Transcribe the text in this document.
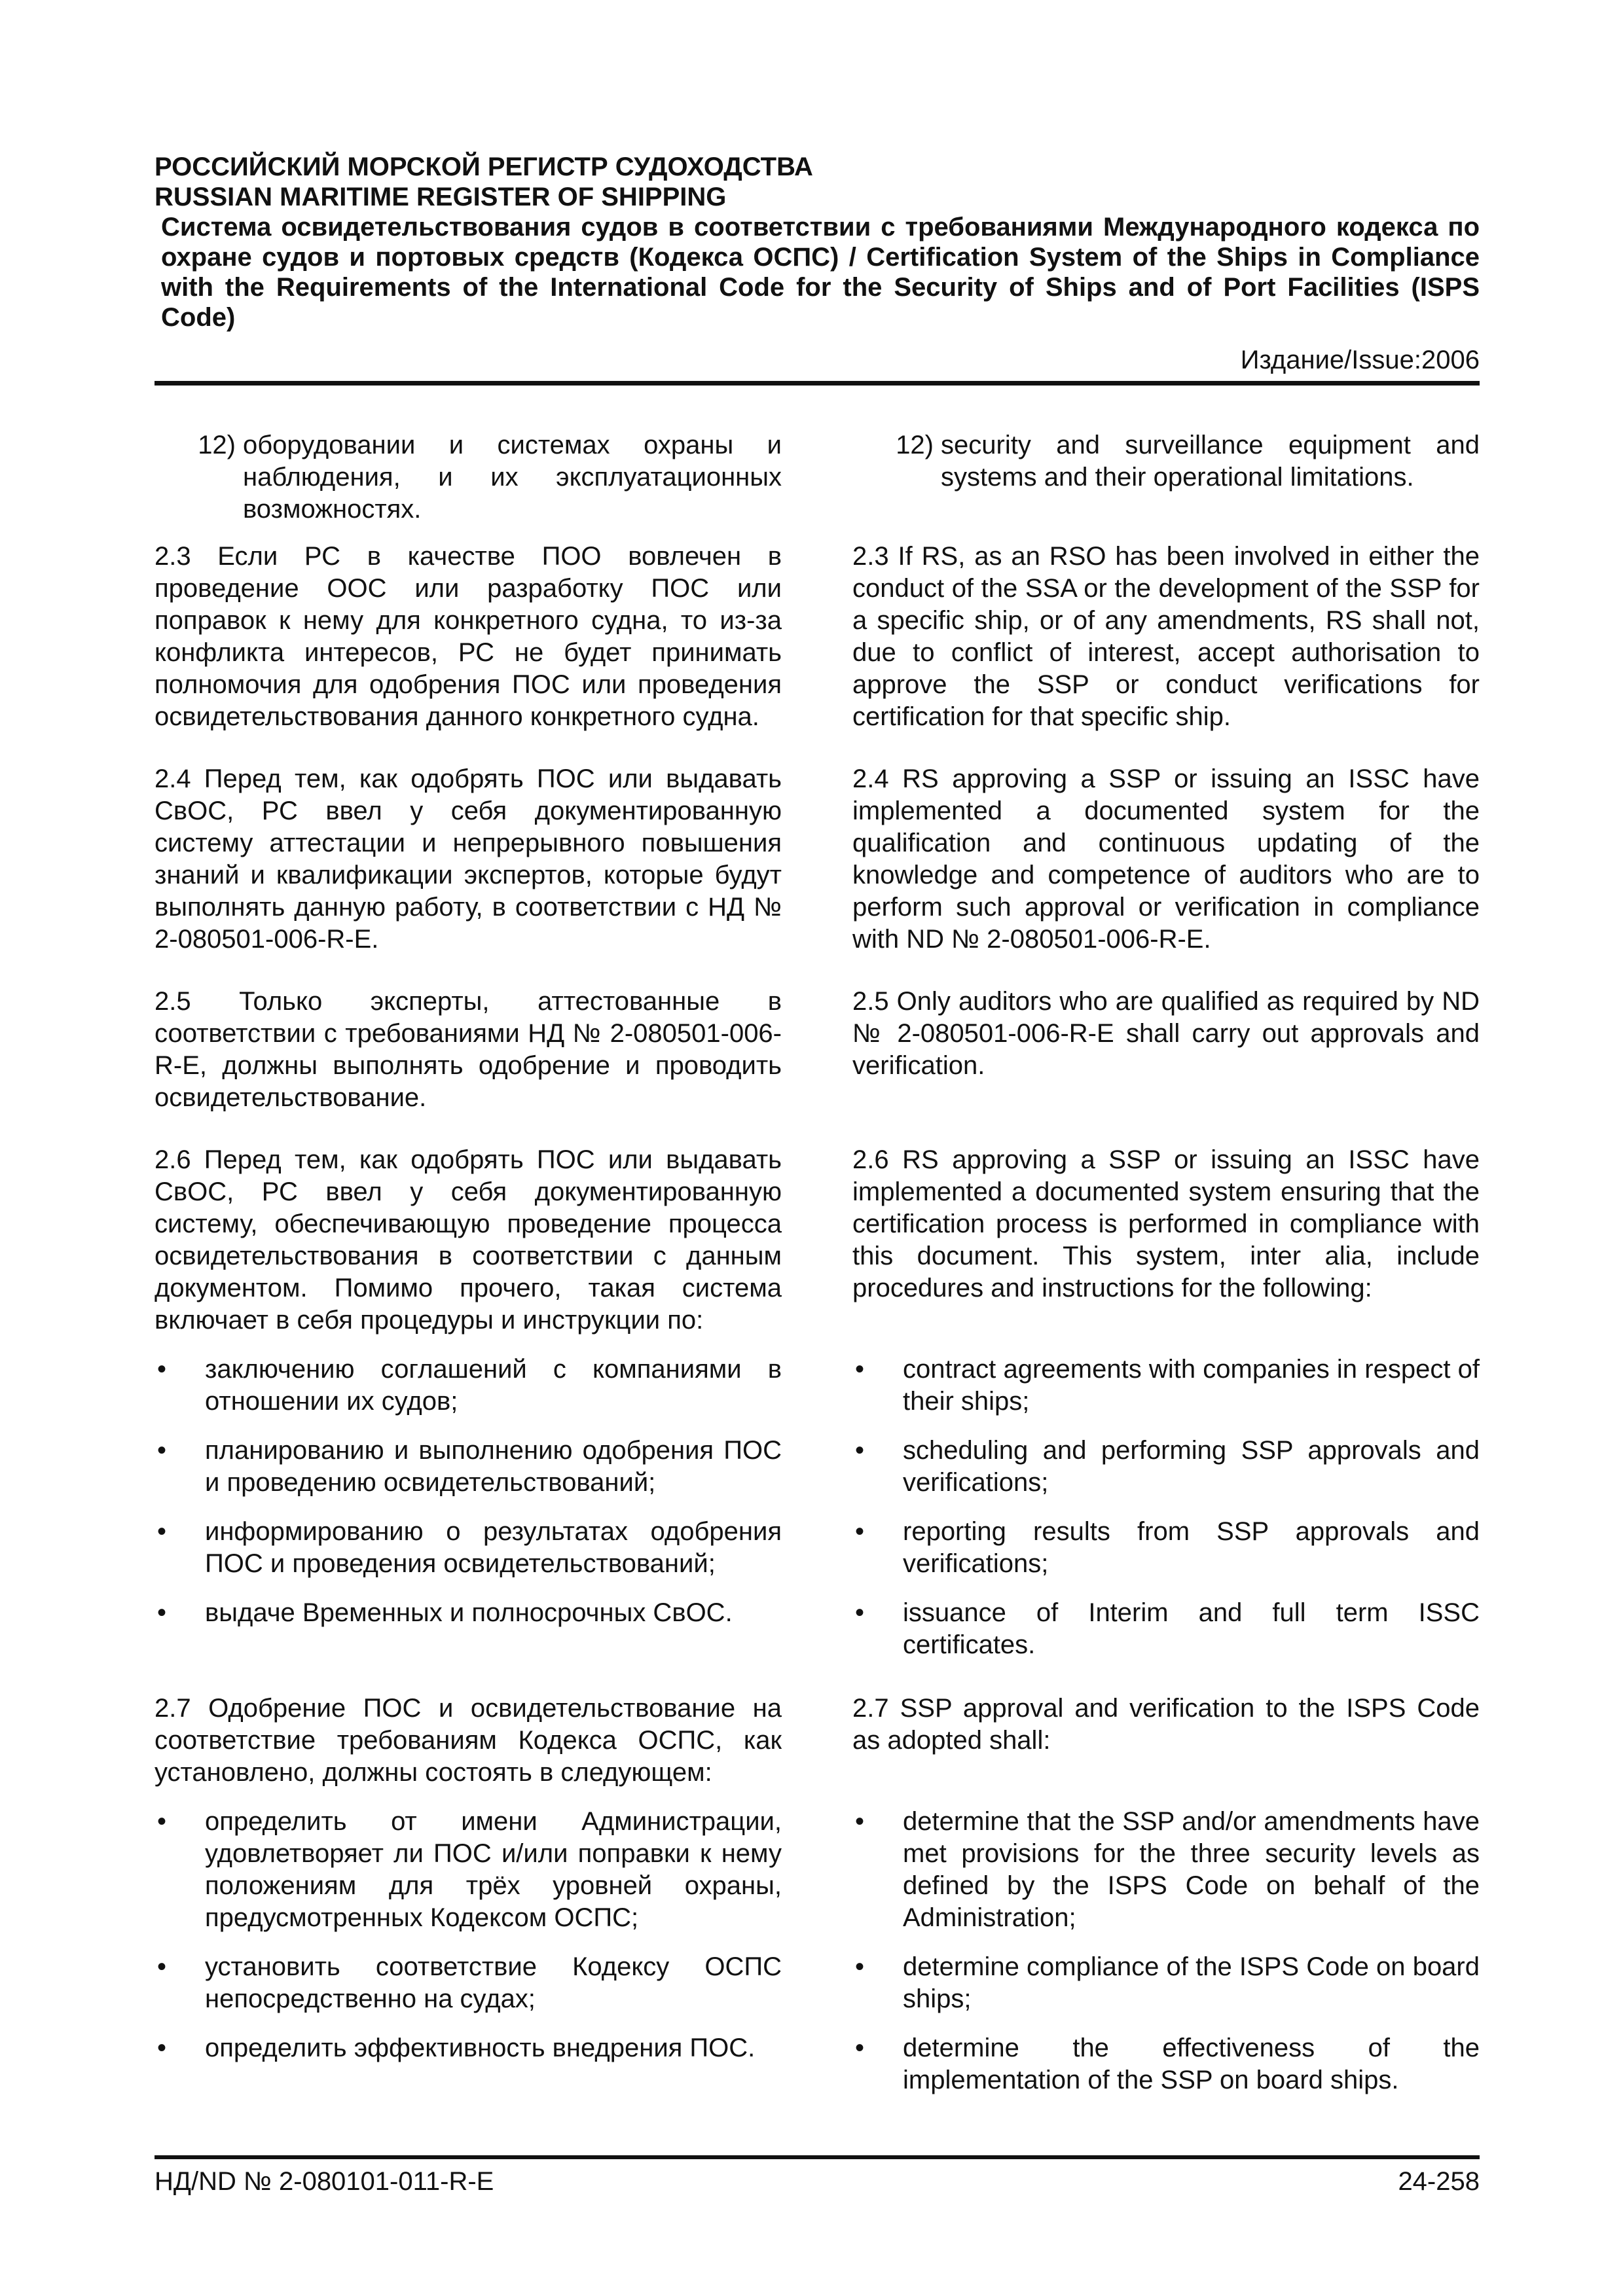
РОССИЙСКИЙ МОРСКОЙ РЕГИСТР СУДОХОДСТВА
RUSSIAN MARITIME REGISTER OF SHIPPING
Система освидетельствования судов в соответствии с требованиями Международного кодекса по охране судов и портовых средств (Кодекса ОСПС) / Certification System of the Ships in Compliance with the Requirements of the International Code for the Security of Ships and of Port Facilities (ISPS Code)
Издание/Issue:2006
12) оборудовании и системах охраны и наблюдения, и их эксплуатационных возможностях.
12) security and surveillance equipment and systems and their operational limitations.

2.3 Если РС в качестве ПОО вовлечен в проведение ООС или разработку ПОС или поправок к нему для конкретного судна, то из-за конфликта интересов, РС не будет принимать полномочия для одобрения ПОС или проведения освидетельствования данного конкретного судна.

2.3 If RS, as an RSO has been involved in either the conduct of the SSA or the development of the SSP for a specific ship, or of any amendments, RS shall not, due to conflict of interest, accept authorisation to approve the SSP or conduct verifications for certification for that specific ship.

2.4 Перед тем, как одобрять ПОС или выдавать СвОС, РС ввел у себя документированную систему аттестации и непрерывного повышения знаний и квалификации экспертов, которые будут выполнять данную работу, в соответствии с НД № 2-080501-006-R-E.

2.4 RS approving a SSP or issuing an ISSC have implemented a documented system for the qualification and continuous updating of the knowledge and competence of auditors who are to perform such approval or verification in compliance with ND № 2-080501-006-R-E.

2.5 Только эксперты, аттестованные в соответствии с требованиями НД № 2-080501-006-R-E, должны выполнять одобрение и проводить освидетельствование.

2.5 Only auditors who are qualified as required by ND № 2-080501-006-R-E shall carry out approvals and verification.

2.6 Перед тем, как одобрять ПОС или выдавать СвОС, РС ввел у себя документированную систему, обеспечивающую проведение процесса освидетельствования в соответствии с данным документом. Помимо прочего, такая система включает в себя процедуры и инструкции по:

2.6 RS approving a SSP or issuing an ISSC have implemented a documented system ensuring that the certification process is performed in compliance with this document. This system, inter alia, include procedures and instructions for the following:

•	заключению соглашений с компаниями в отношении их судов;
•	contract agreements with companies in respect of their ships;
•	планированию и выполнению одобрения ПОС и проведению освидетельствований;
•	scheduling and performing SSP approvals and verifications;
•	информированию о результатах одобрения ПОС и проведения освидетельствований;
•	reporting results from SSP approvals and verifications;
•	выдаче Временных и полносрочных СвОС.	•	issuance of Interim and full term ISSC certificates.

2.7 Одобрение ПОС и освидетельствование на соответствие требованиям Кодекса ОСПС, как установлено, должны состоять в следующем:

2.7 SSP approval and verification to the ISPS Code as adopted shall:

•	определить от имени Администрации, удовлетворяет ли ПОС и/или поправки к нему положениям для трёх уровней охраны, предусмотренных Кодексом ОСПС;
•	determine that the SSP and/or amendments have met provisions for the three security levels as defined by the ISPS Code on behalf of the Administration;
•	установить соответствие Кодексу ОСПС непосредственно на судах;
•	determine compliance of the ISPS Code on board ships;
•	определить эффективность внедрения ПОС.	•	determine the effectiveness of the implementation of the SSP on board ships.
НД/ND № 2-080101-011-R-E	24-258
